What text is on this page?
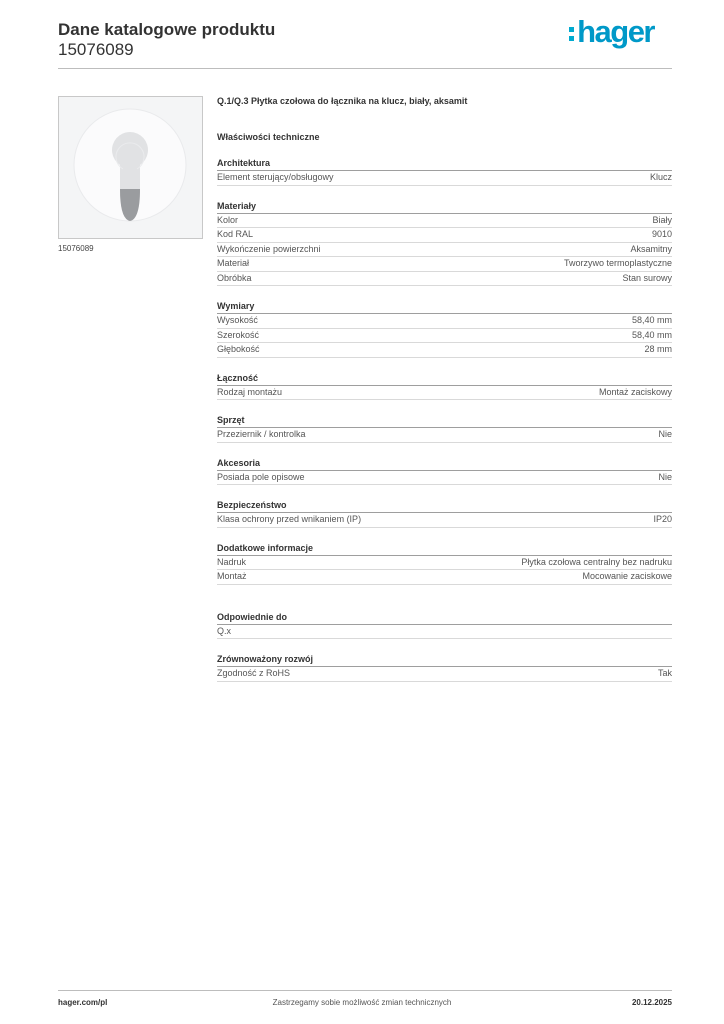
Dane katalogowe produktu
15076089
hager
15076089
Q.1/Q.3 Płytka czołowa do łącznika na klucz, biały, aksamit
Właściwości techniczne
Architektura
Element sterujący/obsługowy	Klucz
Materiały
Kolor	Biały
Kod RAL	9010
Wykończenie powierzchni	Aksamitny
Materiał	Tworzywo termoplastyczne
Obróbka	Stan surowy
Wymiary
Wysokość	58,40 mm
Szerokość	58,40 mm
Głębokość	28 mm
Łączność
Rodzaj montażu	Montaż zaciskowy
Sprzęt
Przeziernik / kontrolka	Nie
Akcesoria
Posiada pole opisowe	Nie
Bezpieczeństwo
Klasa ochrony przed wnikaniem (IP)	IP20
Dodatkowe informacje
Nadruk	Płytka czołowa centralny bez nadruku
Montaż	Mocowanie zaciskowe
Odpowiednie do
Q.x
Zrównoważony rozwój
Zgodność z RoHS	Tak
Zastrzegamy sobie możliwość zmian technicznych
hager.com/pl	20.12.2025
